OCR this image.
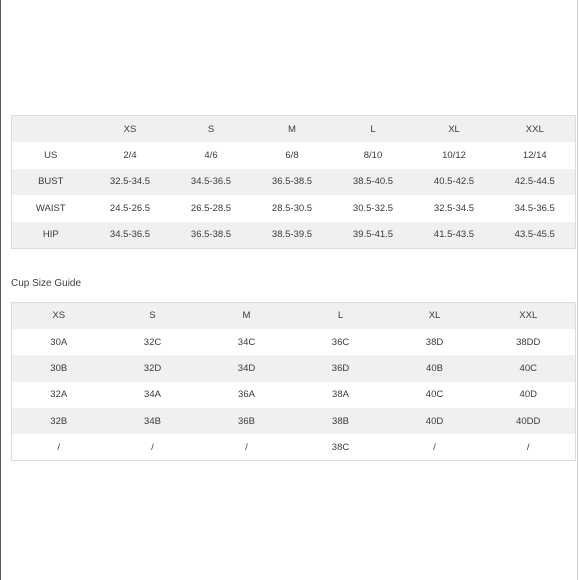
	XS	S	M	L	XL	XXL
US	2/4	4/6	6/8	8/10	10/12	12/14
BUST	32.5-34.5	34.5-36.5	36.5-38.5	38.5-40.5	40.5-42.5	42.5-44.5
WAIST	24.5-26.5	26.5-28.5	28.5-30.5	30.5-32.5	32.5-34.5	34.5-36.5
HIP	34.5-36.5	36.5-38.5	38.5-39.5	39.5-41.5	41.5-43.5	43.5-45.5
Cup Size Guide
XS	S	M	L	XL	XXL
30A	32C	34C	36C	38D	38DD
30B	32D	34D	36D	40B	40C
32A	34A	36A	38A	40C	40D
32B	34B	36B	38B	40D	40DD
/	/	/	38C	/	/
